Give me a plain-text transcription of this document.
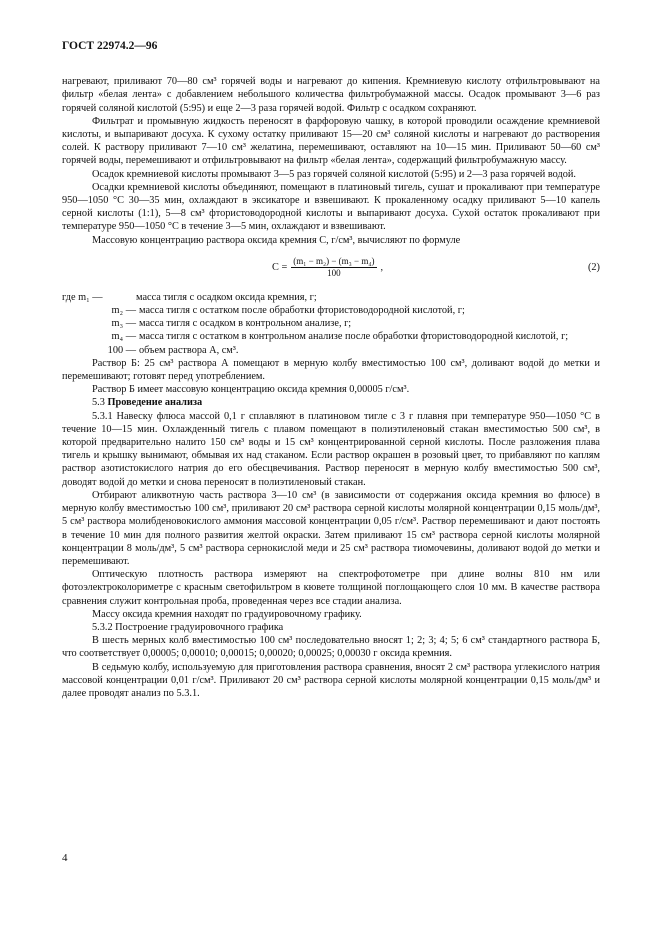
ГОСТ 22974.2—96

нагревают, приливают 70—80 см³ горячей воды и нагревают до кипения. Кремниевую кислоту отфильтровывают на фильтр «белая лента» с добавлением небольшого количества фильтробумажной массы. Осадок промывают 3—6 раз горячей соляной кислотой (5:95) и еще 2—3 раза горячей водой. Фильтр с осадком сохраняют.

Фильтрат и промывную жидкость переносят в фарфоровую чашку, в которой проводили осаждение кремниевой кислоты, и выпаривают досуха. К сухому остатку приливают 15—20 см³ соляной кислоты и нагревают до растворения солей. К раствору приливают 7—10 см³ желатина, перемешивают, оставляют на 10—15 мин. Приливают 50—60 см³ горячей воды, перемешивают и отфильтровывают на фильтр «белая лента», содержащий фильтробумажную массу.

Осадок кремниевой кислоты промывают 3—5 раз горячей соляной кислотой (5:95) и 2—3 раза горячей водой.

Осадки кремниевой кислоты объединяют, помещают в платиновый тигель, сушат и прокаливают при температуре 950—1050 °С 30—35 мин, охлаждают в эксикаторе и взвешивают. К прокаленному осадку приливают 5—10 капель серной кислоты (1:1), 5—8 см³ фтористоводородной кислоты и выпаривают досуха. Сухой остаток прокаливают при температуре 950—1050 °С в течение 3—5 мин, охлаждают и взвешивают.

Массовую концентрацию раствора оксида кремния С, г/см³, вычисляют по формуле

$С = \frac{\text{(m₁ − m₂) − (m₃ − m₄)}}{100}$ ,	(2)
где m₁ —	масса тигля с осадком оксида кремния, г;
m₂ — масса тигля с остатком после обработки фтористоводородной кислотой, г;
m₃ — масса тигля с осадком в контрольном анализе, г;
m₄ — масса тигля с остатком в контрольном анализе после обработки фтористоводородной кислотой, г;
100 — объем раствора А, см³.

Раствор Б: 25 см³ раствора А помещают в мерную колбу вместимостью 100 см³, доливают водой до метки и перемешивают; готовят перед употреблением.

Раствор Б имеет массовую концентрацию оксида кремния 0,00005 г/см³.

5.3 Проведение анализа

5.3.1 Навеску флюса массой 0,1 г сплавляют в платиновом тигле с 3 г плавня при температуре 950—1050 °С в течение 10—15 мин. Охлажденный тигель с плавом помещают в полиэтиленовый стакан вместимостью 500 см³, в которой предварительно налито 150 см³ воды и 15 см³ концентрированной серной кислоты. После разложения плава тигель и крышку вынимают, обмывая их над стаканом. Если раствор окрашен в розовый цвет, то прибавляют по каплям раствор азотистокислого натрия до его обесцвечивания. Раствор переносят в мерную колбу вместимостью 500 см³, доводят водой до метки и снова переносят в полиэтиленовый стакан.

Отбирают аликвотную часть раствора 3—10 см³ (в зависимости от содержания оксида кремния во флюсе) в мерную колбу вместимостью 100 см³, приливают 20 см³ раствора серной кислоты молярной концентрации 0,15 моль/дм³, 5 см³ раствора молибденовокислого аммония массовой концентрации 0,05 г/см³. Раствор перемешивают и дают постоять в течение 10 мин для полного развития желтой окраски. Затем приливают 15 см³ раствора серной кислоты молярной концентрации 8 моль/дм³, 5 см³ раствора сернокислой меди и 25 см³ раствора тиомочевины, доливают водой до метки и перемешивают.

Оптическую плотность раствора измеряют на спектрофотометре при длине волны 810 нм или фотоэлектроколориметре с красным светофильтром в кювете толщиной поглощающего слоя 10 мм. В качестве раствора сравнения служит контрольная проба, проведенная через все стадии анализа.

Массу оксида кремния находят по градуировочному графику.

5.3.2 Построение градуировочного графика

В шесть мерных колб вместимостью 100 см³ последовательно вносят 1; 2; 3; 4; 5; 6 см³ стандартного раствора Б, что соответствует 0,00005; 0,00010; 0,00015; 0,00020; 0,00025; 0,00030 г оксида кремния.

В седьмую колбу, используемую для приготовления раствора сравнения, вносят 2 см³ раствора углекислого натрия массовой концентрации 0,01 г/см³. Приливают 20 см³ раствора серной кислоты молярной концентрации 0,15 моль/дм³ и далее проводят анализ по 5.3.1.

4
